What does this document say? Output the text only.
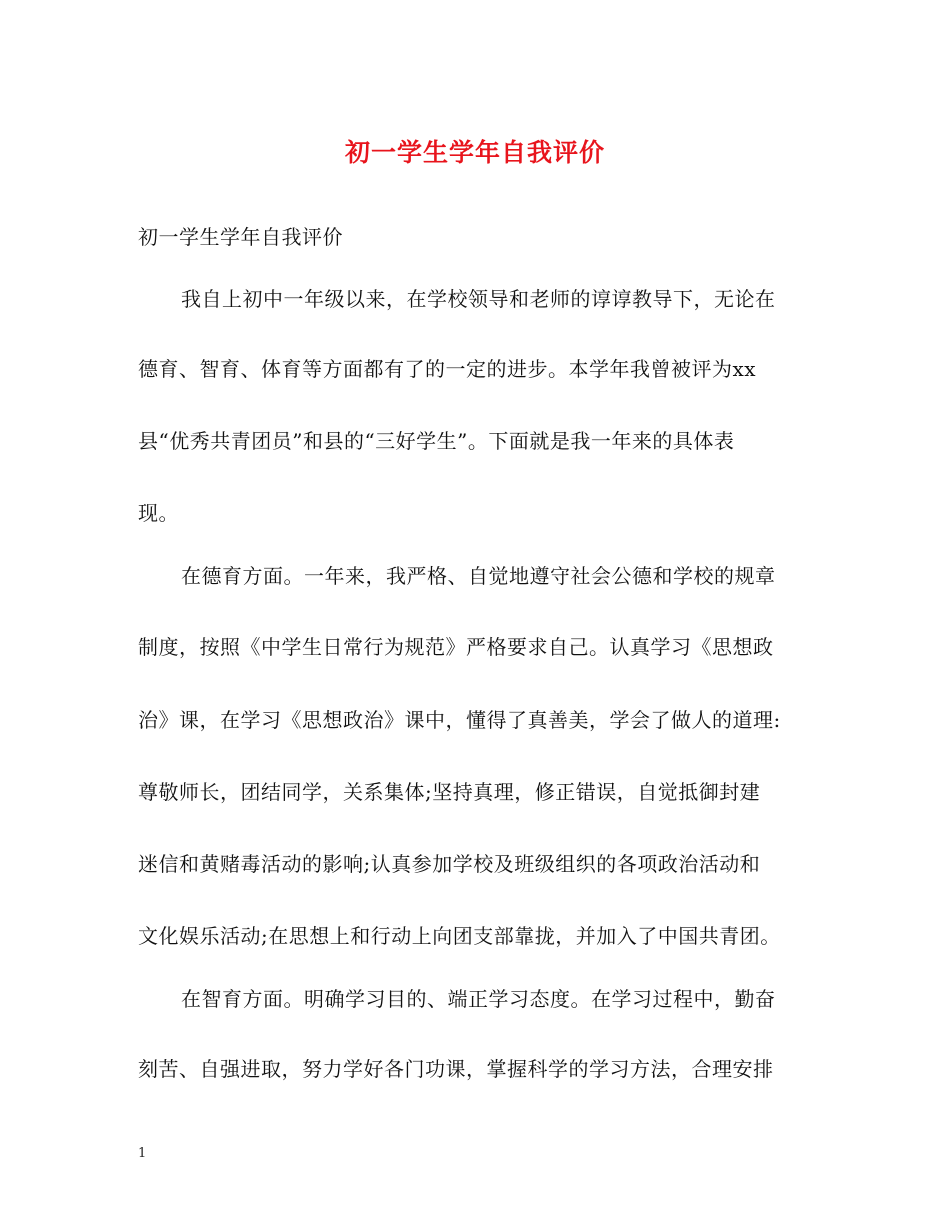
初一学生学年自我评价
初一学生学年自我评价
我自上初中一年级以来，在学校领导和老师的谆谆教导下，无论在
德育、智育、体育等方面都有了的一定的进步。本学年我曾被评为xx
县“优秀共青团员”和县的“三好学生”。下面就是我一年来的具体表
现。
在德育方面。一年来，我严格、自觉地遵守社会公德和学校的规章
制度，按照《中学生日常行为规范》严格要求自己。认真学习《思想政
治》课，在学习《思想政治》课中，懂得了真善美，学会了做人的道理:
尊敬师长，团结同学，关系集体;坚持真理，修正错误，自觉抵御封建
迷信和黄赌毒活动的影响;认真参加学校及班级组织的各项政治活动和
文化娱乐活动;在思想上和行动上向团支部靠拢，并加入了中国共青团。
在智育方面。明确学习目的、端正学习态度。在学习过程中，勤奋
刻苦、自强进取，努力学好各门功课，掌握科学的学习方法，合理安排
1
